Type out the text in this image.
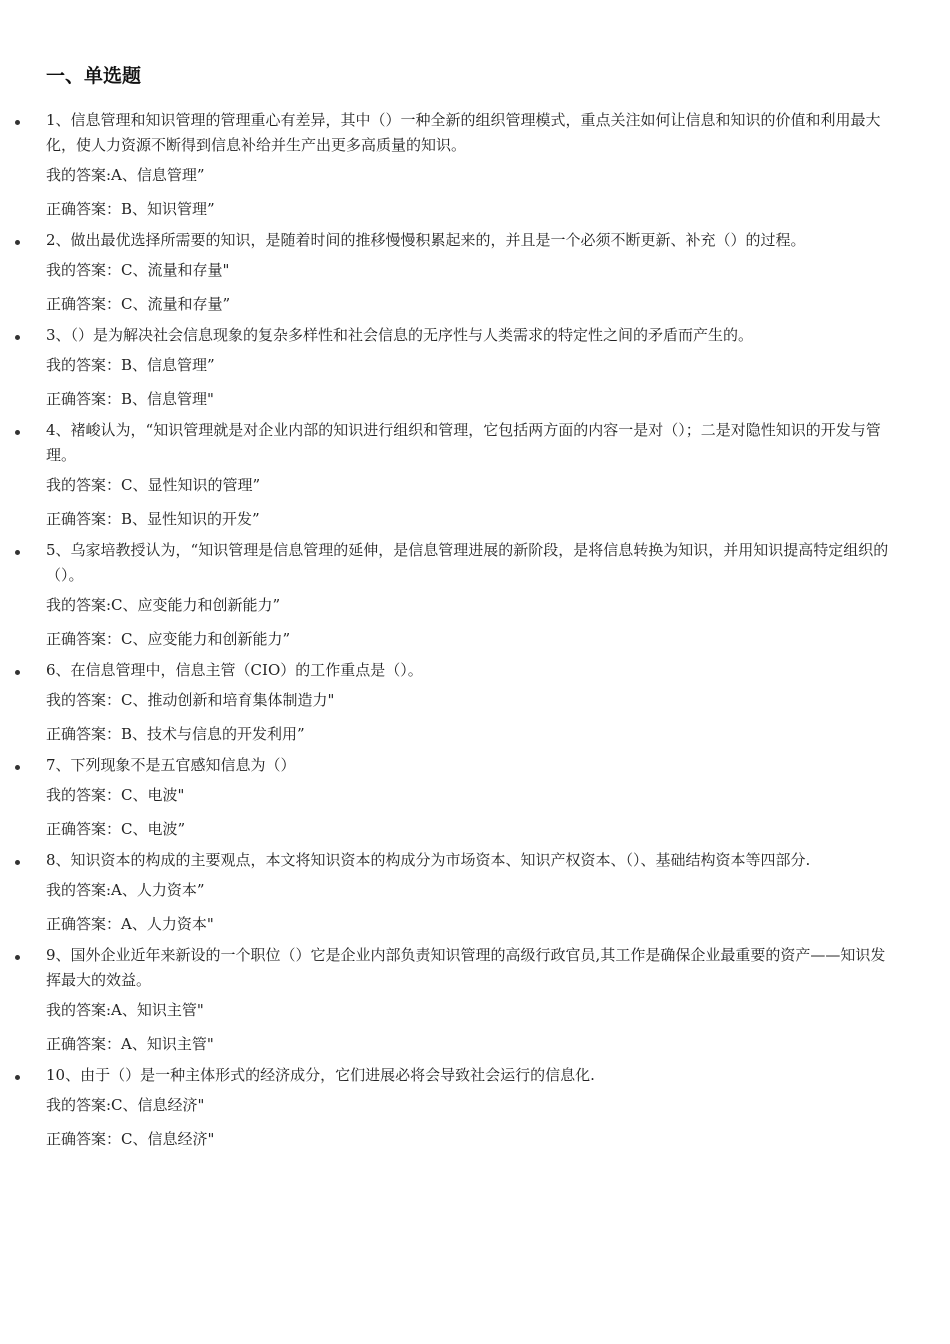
一、单选题

1、信息管理和知识管理的管理重心有差异，其中（）一种全新的组织管理模式，重点关注如何让信息和知识的价值和利用最大化，使人力资源不断得到信息补给并生产出更多高质量的知识。

我的答案:A、信息管理”

正确答案：B、知识管理”

2、做出最优选择所需要的知识，是随着时间的推移慢慢积累起来的，并且是一个必须不断更新、补充（）的过程。

我的答案：C、流量和存量"

正确答案：C、流量和存量”

3、（）是为解决社会信息现象的复杂多样性和社会信息的无序性与人类需求的特定性之间的矛盾而产生的。

我的答案：B、信息管理”

正确答案：B、信息管理"

4、褚峻认为，“知识管理就是对企业内部的知识进行组织和管理，它包括两方面的内容一是对（）；二是对隐性知识的开发与管理。

我的答案：C、显性知识的管理”

正确答案：B、显性知识的开发”

5、乌家培教授认为，“知识管理是信息管理的延伸，是信息管理进展的新阶段，是将信息转换为知识，并用知识提高特定组织的（）。

我的答案:C、应变能力和创新能力”

正确答案：C、应变能力和创新能力”

6、在信息管理中，信息主管（CIO）的工作重点是（）。

我的答案：C、推动创新和培育集体制造力"

正确答案：B、技术与信息的开发利用”

7、下列现象不是五官感知信息为（）

我的答案：C、电波"

正确答案：C、电波”

8、知识资本的构成的主要观点，本文将知识资本的构成分为市场资本、知识产权资本、（）、基础结构资本等四部分.

我的答案:A、人力资本”

正确答案：A、人力资本"

9、国外企业近年来新设的一个职位（）它是企业内部负责知识管理的高级行政官员,其工作是确保企业最重要的资产——知识发挥最大的效益。

我的答案:A、知识主管"

正确答案：A、知识主管"

10、由于（）是一种主体形式的经济成分，它们进展必将会导致社会运行的信息化.

我的答案:C、信息经济"

正确答案：C、信息经济"
